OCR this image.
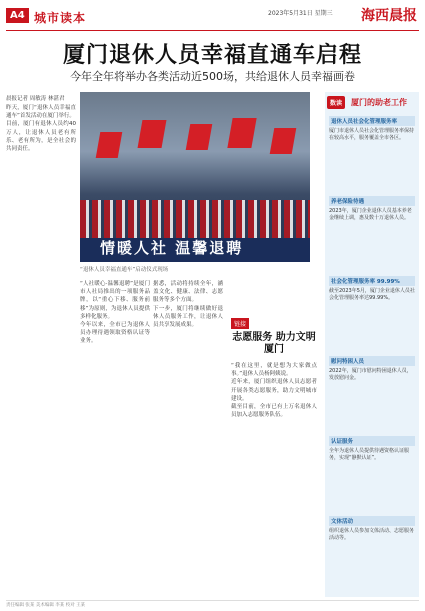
A4 城市读本	2023年5月31日 星期三 海西晨报
厦门退休人员幸福直通车启程
今年全年将举办各类活动近500场，共给退休人员幸福画卷
晨报记者 周敏涛 林湛君

昨天，厦门“退休人员幸福直通车”首发活动在厦门举行。

目前，厦门有退休人员约40万人，让退休人员老有所乐、老有所为，是全社会的共同责任。

情暖人社 温馨退聘
“退休人员幸福直通车”启动仪式现场

“人社暖心·温馨退聘”是厦门市人社局推出的一项服务品牌，以“重心下移、服务前移”为原则，为退休人员提供多样化服务。

今年以来，全市已为退休人员办理待遇领取资格认证等业务。

据悉，活动将持续全年，涵盖文化、健康、法律、志愿服务等多个方面。

下一步，厦门将继续做好退休人员服务工作，让退休人员共享发展成果。	链接
志愿服务 助力文明厦门

“我在这里，就是想为大家做点事。”退休人员杨阿姨说。

近年来，厦门组织退休人员志愿者开展各类志愿服务，助力文明城市建设。

截至目前，全市已有上万名退休人员加入志愿服务队伍。

数读	厦门的助老工作
退休人员社会化管理服务率
厦门市退休人员社会化管理服务率保持在较高水平，服务覆盖全市各区。
养老保险待遇
2023年，厦门企业退休人员基本养老金继续上调，惠及数十万退休人员。
社会化管理服务率 99.99%
截至2023年5月，厦门企业退休人员社会化管理服务率达99.99%。
慰问特困人员
2022年，厦门市慰问特困退休人员，发放慰问金。
认证服务
全年为退休人员提供待遇资格认证服务，实现“静默认证”。
文体活动
组织退休人员参加文体活动、志愿服务活动等。
责任编辑 张某 美术编辑 李某 校对 王某
